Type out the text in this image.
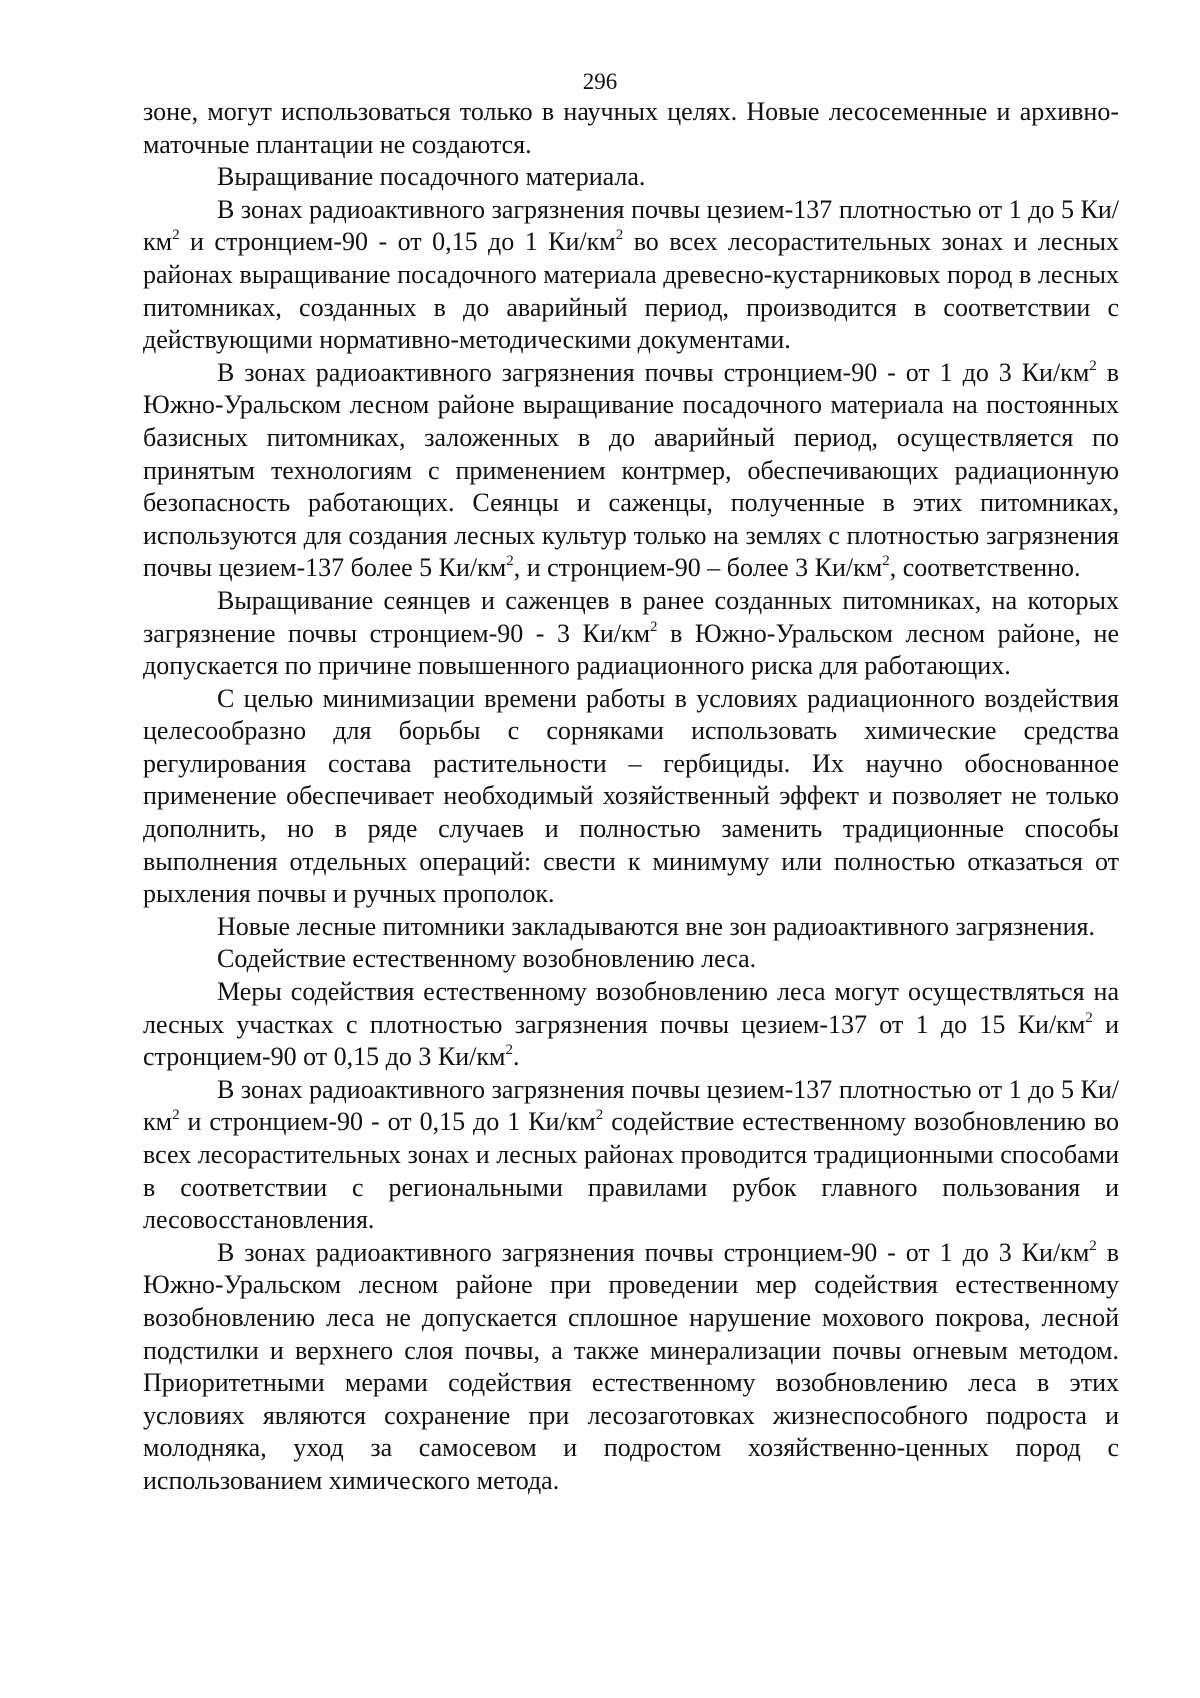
296

зоне, могут использоваться только в научных целях. Новые лесосеменные и архивно-маточные плантации не создаются.

Выращивание посадочного материала.

В зонах радиоактивного загрязнения почвы цезием-137 плотностью от 1 до 5 $Ки/км^2$ и стронцием-90 - от 0,15 до 1 $Ки/км^2$ во всех лесорастительных зонах и лесных районах выращивание посадочного материала древесно-кустарниковых пород в лесных питомниках, созданных в до аварийный период, производится в соответствии с действующими нормативно-методическими документами.

В зонах радиоактивного загрязнения почвы стронцием-90 - от 1 до 3 $Ки/км^2$ в Южно-Уральском лесном районе выращивание посадочного материала на постоянных базисных питомниках, заложенных в до аварийный период, осуществляется по принятым технологиям с применением контрмер, обеспечивающих радиационную безопасность работающих. Сеянцы и саженцы, полученные в этих питомниках, используются для создания лесных культур только на землях с плотностью загрязнения почвы цезием-137 более 5 $Ки/км^2$, и стронцием-90 – более 3 $Ки/км^2$, соответственно.

Выращивание сеянцев и саженцев в ранее созданных питомниках, на которых загрязнение почвы стронцием-90 - 3 $Ки/км^2$ в Южно-Уральском лесном районе, не допускается по причине повышенного радиационного риска для работающих.

С целью минимизации времени работы в условиях радиационного воздействия целесообразно для борьбы с сорняками использовать химические средства регулирования состава растительности – гербициды. Их научно обоснованное применение обеспечивает необходимый хозяйственный эффект и позволяет не только дополнить, но в ряде случаев и полностью заменить традиционные способы выполнения отдельных операций: свести к минимуму или полностью отказаться от рыхления почвы и ручных прополок.

Новые лесные питомники закладываются вне зон радиоактивного загрязнения.

Содействие естественному возобновлению леса.

Меры содействия естественному возобновлению леса могут осуществляться на лесных участках с плотностью загрязнения почвы цезием-137 от 1 до 15 $Ки/км^2$ и стронцием-90 от 0,15 до 3 $Ки/км^2$.

В зонах радиоактивного загрязнения почвы цезием-137 плотностью от 1 до 5 $Ки/км^2$ и стронцием-90 - от 0,15 до 1 $Ки/км^2$ содействие естественному возобновлению во всех лесорастительных зонах и лесных районах проводится традиционными способами в соответствии с региональными правилами рубок главного пользования и лесовосстановления.

В зонах радиоактивного загрязнения почвы стронцием-90 - от 1 до 3 $Ки/км^2$ в Южно-Уральском лесном районе при проведении мер содействия естественному возобновлению леса не допускается сплошное нарушение мохового покрова, лесной подстилки и верхнего слоя почвы, а также минерализации почвы огневым методом. Приоритетными мерами содействия естественному возобновлению леса в этих условиях являются сохранение при лесозаготовках жизнеспособного подроста и молодняка, уход за самосевом и подростом хозяйственно-ценных пород с использованием химического метода.
